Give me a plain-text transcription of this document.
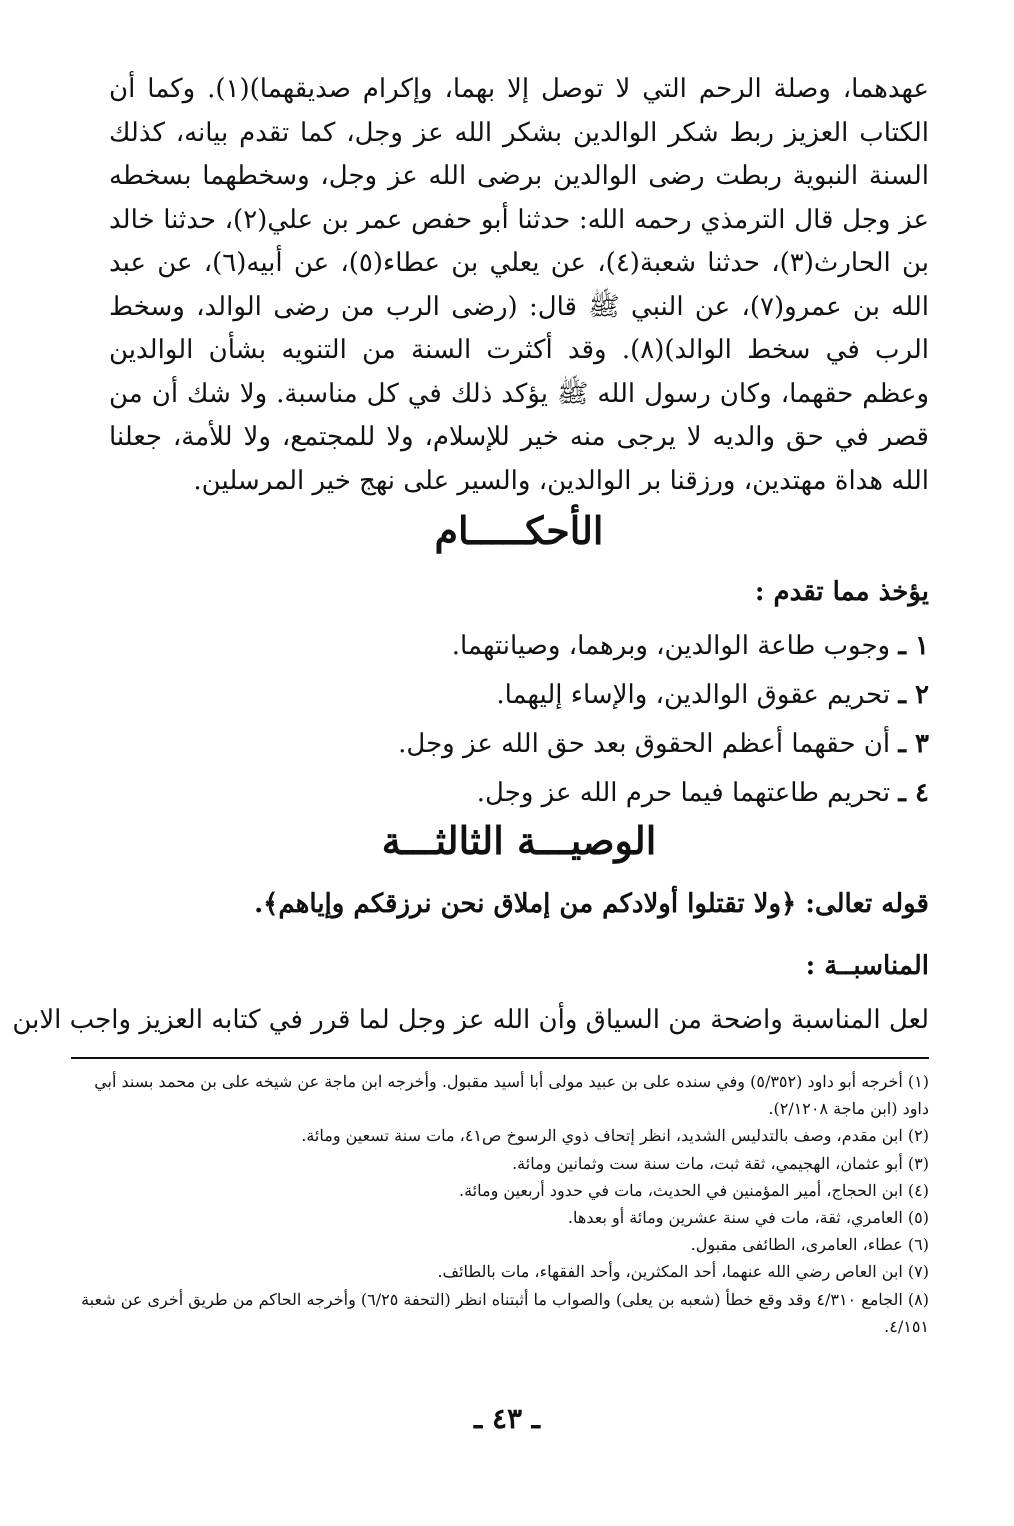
عهدهما، وصلة الرحم التي لا توصل إلا بهما، وإكرام صديقهما)(١). وكما أن الكتاب العزيز ربط شكر الوالدين بشكر الله عز وجل، كما تقدم بيانه، كذلك السنة النبوية ربطت رضى الوالدين برضى الله عز وجل، وسخطهما بسخطه عز وجل قال الترمذي رحمه الله: حدثنا أبو حفص عمر بن علي(٢)، حدثنا خالد بن الحارث(٣)، حدثنا شعبة(٤)، عن يعلي بن عطاء(٥)، عن أبيه(٦)، عن عبد الله بن عمرو(٧)، عن النبي ﷺ قال: (رضى الرب من رضى الوالد، وسخط الرب في سخط الوالد)(٨). وقد أكثرت السنة من التنويه بشأن الوالدين وعظم حقهما، وكان رسول الله ﷺ يؤكد ذلك في كل مناسبة. ولا شك أن من قصر في حق والديه لا يرجى منه خير للإسلام، ولا للمجتمع، ولا للأمة، جعلنا الله هداة مهتدين، ورزقنا بر الوالدين، والسير على نهج خير المرسلين.

الأحكـــــام
يؤخذ مما تقدم :
١ ـ وجوب طاعة الوالدين، وبرهما، وصيانتهما.
٢ ـ تحريم عقوق الوالدين، والإساء إليهما.
٣ ـ أن حقهما أعظم الحقوق بعد حق الله عز وجل.
٤ ـ تحريم طاعتهما فيما حرم الله عز وجل.
الوصيـــة الثالثـــة
قوله تعالى: ﴿ولا تقتلوا أولادكم من إملاق نحن نرزقكم وإياهم﴾.
المناسبــة :
لعل المناسبة واضحة من السياق وأن الله عز وجل لما قرر في كتابه العزيز واجب الابن
(١) أخرجه أبو داود (٥/٣٥٢) وفي سنده على بن عبيد مولى أبا أسيد مقبول. وأخرجه ابن ماجة عن شيخه على بن محمد بسند أبي داود (ابن ماجة ٢/١٢٠٨).
(٢) ابن مقدم، وصف بالتدليس الشديد، انظر إتحاف ذوي الرسوخ ص٤١، مات سنة تسعين ومائة.
(٣) أبو عثمان، الهجيمي، ثقة ثبت، مات سنة ست وثمانين ومائة.
(٤) ابن الحجاج، أمير المؤمنين في الحديث، مات في حدود أربعين ومائة.
(٥) العامري، ثقة، مات في سنة عشرين ومائة أو بعدها.
(٦) عطاء، العامرى، الطائفى مقبول.
(٧) ابن العاص رضي الله عنهما، أحد المكثرين، وأحد الفقهاء، مات بالطائف.
(٨) الجامع ٤/٣١٠ وقد وقع خطأ (شعبه بن يعلى) والصواب ما أثبتناه انظر (التحفة ٦/٢٥) وأخرجه الحاكم من طريق أخرى عن شعبة ٤/١٥١.
ـ ٤٣ ـ
